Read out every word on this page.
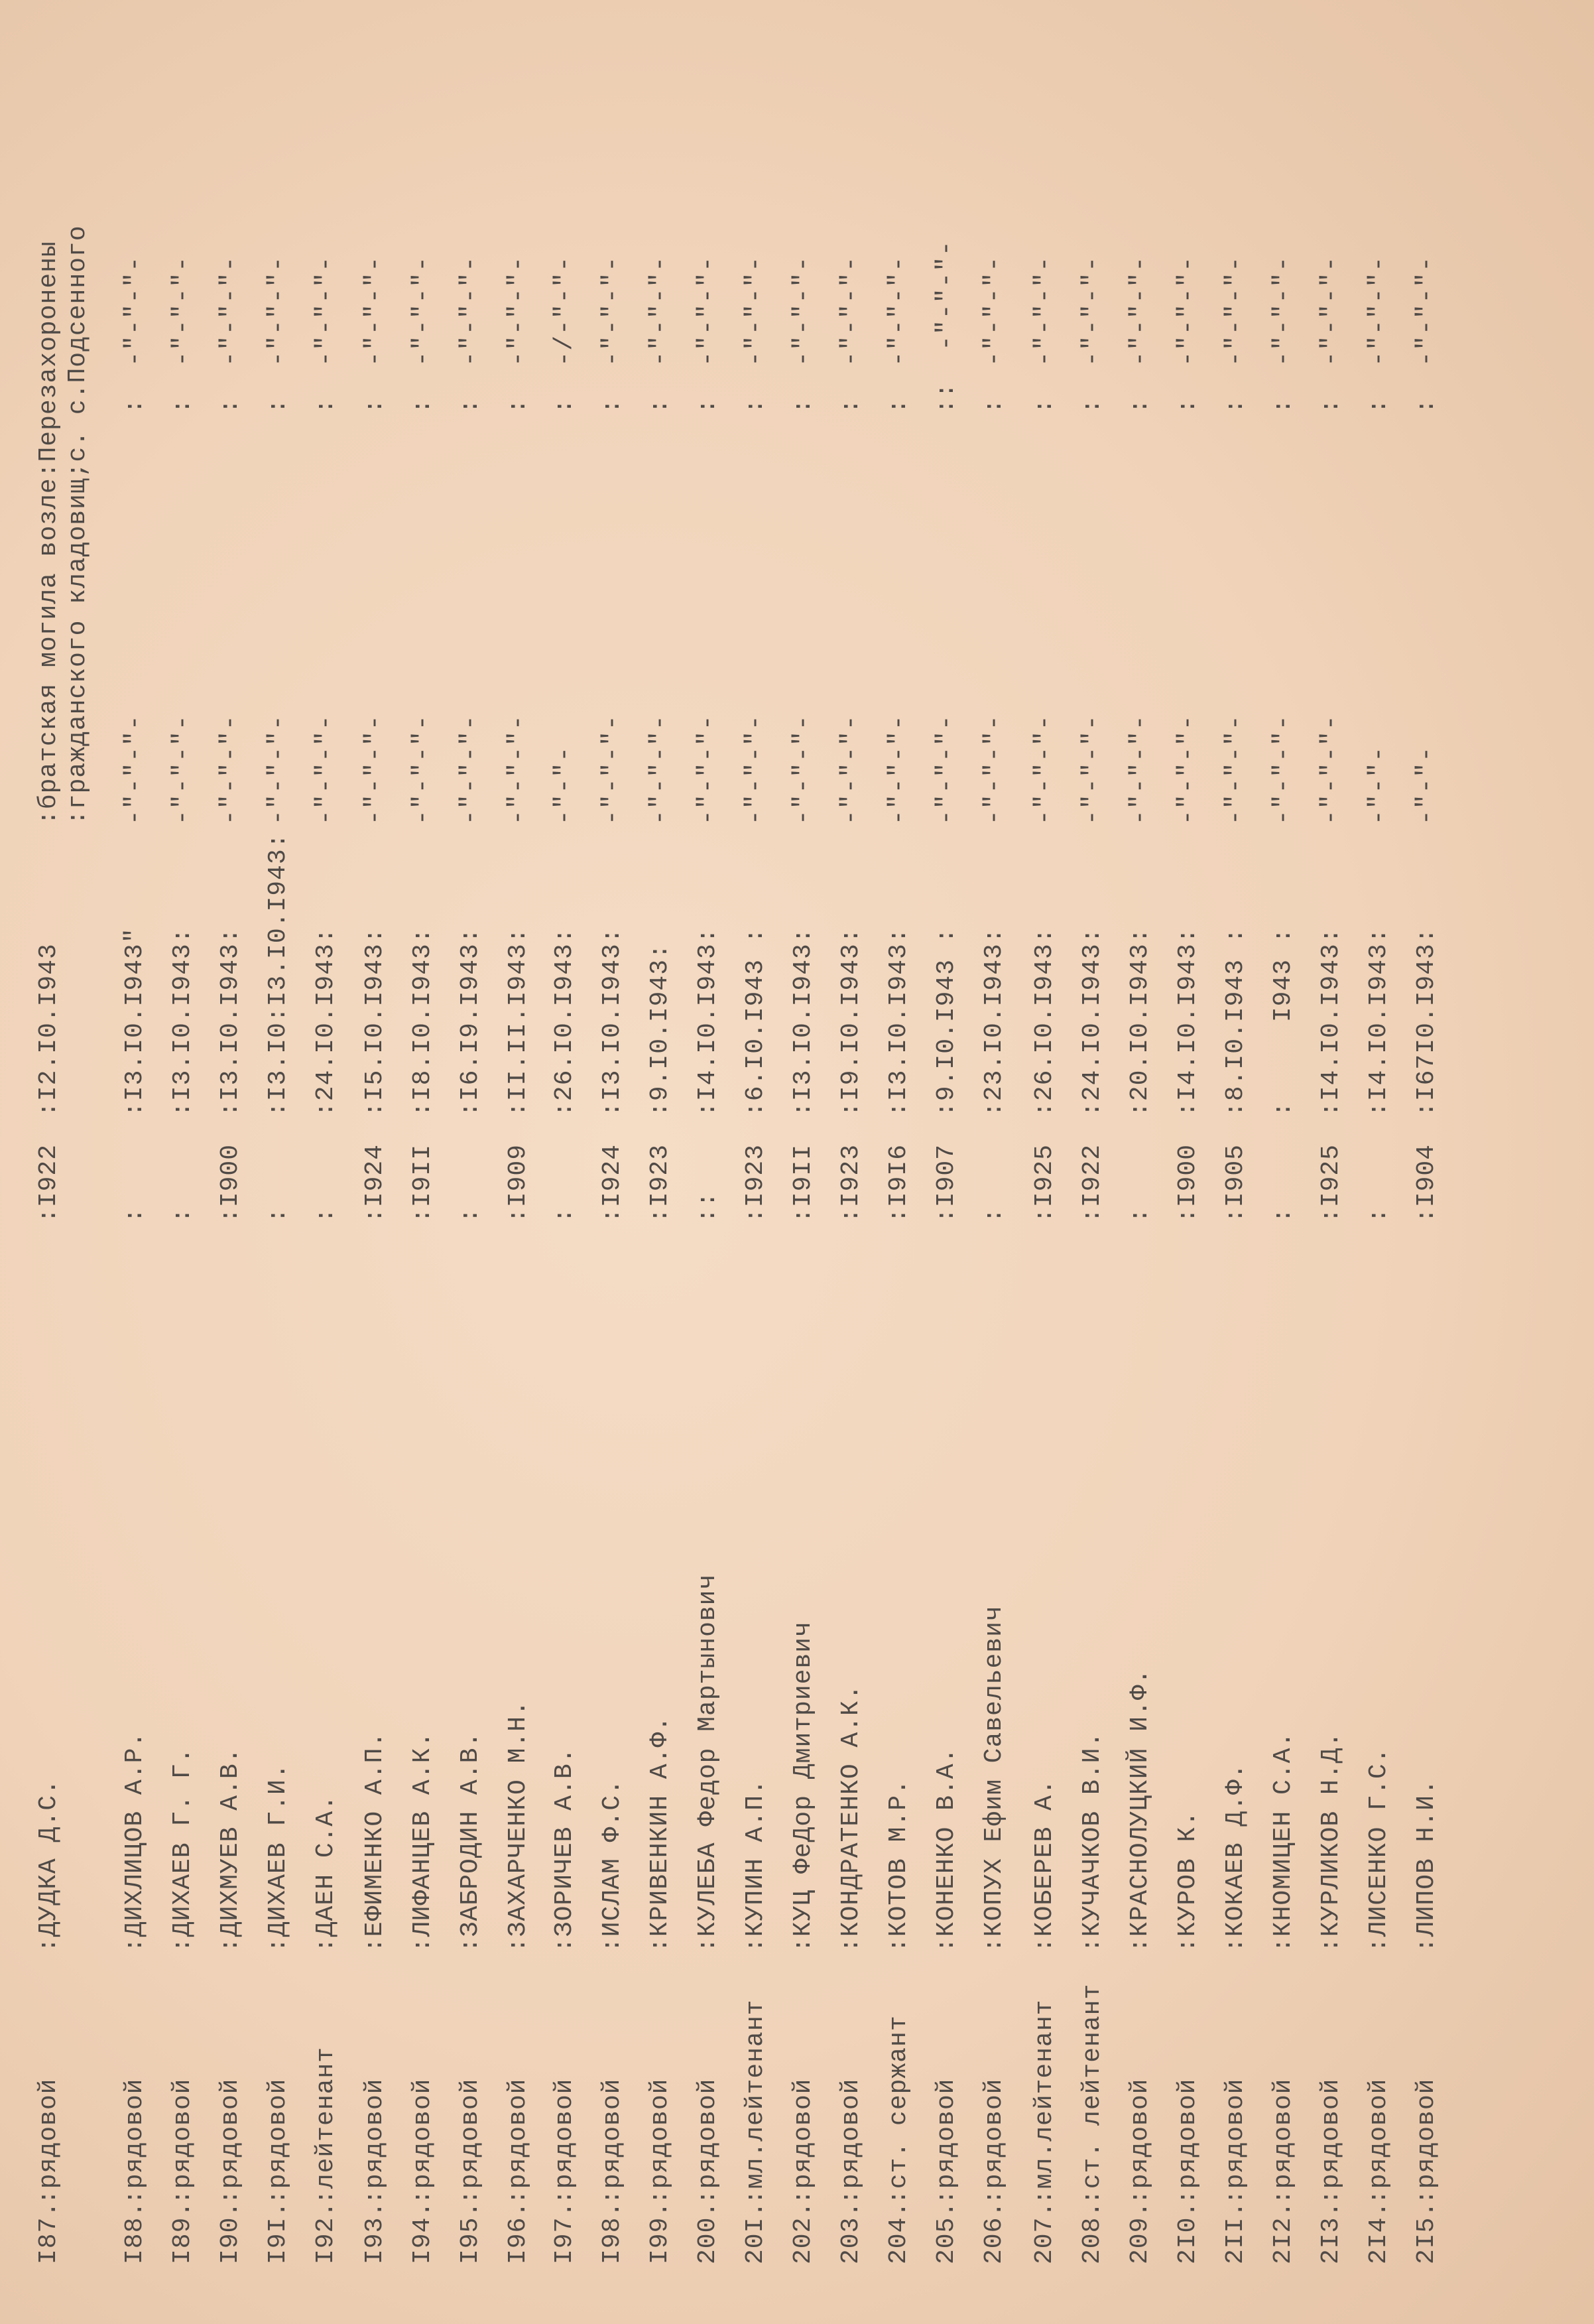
:братская могила возле:Перезахоронены :гражданского кладовищ;с. с.Подсенного
I87.
:рядовой
:ДУДКА Д.С.
:I922
:I2.I0.I943
I88.
:рядовой
:ДИХЛИЦОВ А.Р.
:
:I3.I0.I943"
-"-"-"-
:  -"-"-"-
I89.
:рядовой
:ДИХАЕВ Г. Г.
:
:I3.I0.I943:
-"-"-"-
:  -"-"-"-
I90.
:рядовой
:ДИХМУЕВ А.В.
:I900
:I3.I0.I943:
-"-"-"-
:  -"-"-"-
I9I.
:рядовой
:ДИХАЕВ Г.И.
:
:I3.I0:I3.I0.I943:
-"-"-"-
:  -"-"-"-
I92.
:лейтенант
:ДАЕН С.А.
:
:24.I0.I943:
-"-"-"-
:  -"-"-"-
I93.
:рядовой
:ЕФИМЕНКО А.П.
:I924
:I5.I0.I943:
-"-"-"-
:  -"-"-"-
I94.
:рядовой
:ЛИФАНЦЕВ А.К.
:I9II
:I8.I0.I943:
-"-"-"-
:  -"-"-"-
I95.
:рядовой
:ЗАБРОДИН А.В.
:
:I6.I9.I943:
-"-"-"-
:  -"-"-"-
I96.
:рядовой
:ЗАХАРЧЕНКО М.Н.
:I909
:II.II.I943:
-"-"-"-
:  -"-"-"-
I97.
:рядовой
:ЗОРИЧЕВ А.В.
:
:26.I0.I943:
-"-"-
:  -/-"-"-
I98.
:рядовой
:ИСЛАМ Ф.С.
:I924
:I3.I0.I943:
-"-"-"-
:  -"-"-"-
I99.
:рядовой
:КРИВЕНКИН А.Ф.
:I923
:9.I0.I943:
-"-"-"-
:  -"-"-"-
200.
:рядовой
:КУЛЕБА Федор Мартынович
::
:I4.I0.I943:
-"-"-"-
:  -"-"-"-
20I.
:мл.лейтенант
:КУПИН А.П.
:I923
:6.I0.I943 :
-"-"-"-
:  -"-"-"-
202.
:рядовой
:КУЦ ФеДор Дмитриевич
:I9II
:I3.I0.I943:
-"-"-"-
:  -"-"-"-
203.
:рядовой
:КОНДРАТЕНКО А.К.
:I923
:I9.I0.I943:
-"-"-"-
:  -"-"-"-
204.
:ст. сержант
:КОТОВ М.Р.
:I9I6
:I3.I0.I943:
-"-"-"-
:  -"-"-"-
205.
:рядовой
:КОНЕНКО В.А.
:I907
:9.I0.I943 :
-"-"-"-
::  -"-"-"-
206.
:рядовой
:КОПУХ Ефим Савельевич
:
:23.I0.I943:
-"-"-"-
:  -"-"-"-
207.
:мл.лейтенант
:КОБЕРЕВ А.
:I925
:26.I0.I943:
-"-"-"-
:  -"-"-"-
208.
:ст. лейтенант
:КУЧАЧКОВ В.И.
:I922
:24.I0.I943:
-"-"-"-
:  -"-"-"-
209.
:рядовой
:КРАСНОЛУЦКИЙ И.Ф.
:
:20.I0.I943:
-"-"-"-
:  -"-"-"-
2I0.
:рядовой
:КУРОВ К.
:I900
:I4.I0.I943:
-"-"-"-
:  -"-"-"-
2II.
:рядовой
:КОКАЕВ Д.Ф.
:I905
:8.I0.I943 :
-"-"-"-
:  -"-"-"-
2I2.
:рядовой
:КНОМИЦЕН С.А.
:
:     I943 :
-"-"-"-
:  -"-"-"-
2I3.
:рядовой
:КУРЛИКОВ Н.Д.
:I925
:I4.I0.I943:
-"-"-"-
:  -"-"-"-
2I4.
:рядовой
:ЛИСЕНКО Г.С.
:
:I4.I0.I943:
-"-"-
:  -"-"-"-
2I5.
:рядовой
:ЛИПОВ Н.И.
:I904
:I67I0.I943:
-"-"-
:  -"-"-"-
